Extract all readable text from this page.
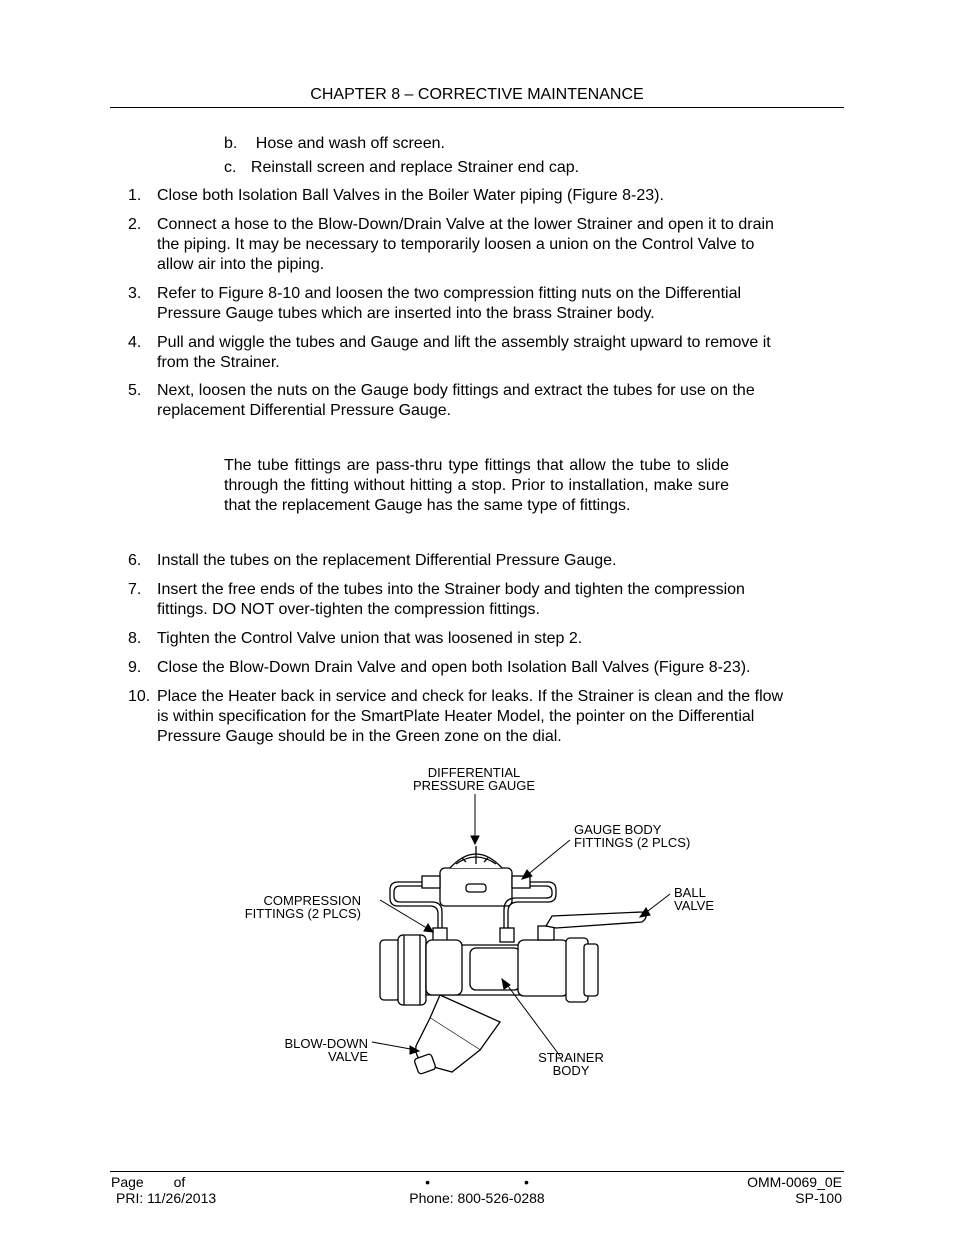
CHAPTER 8 – CORRECTIVE MAINTENANCE
b. Hose and wash off screen.
c. Reinstall screen and replace Strainer end cap.
1. Close both Isolation Ball Valves in the Boiler Water piping (Figure 8-23).
2. Connect a hose to the Blow-Down/Drain Valve at the lower Strainer and open it to drain
the piping. It may be necessary to temporarily loosen a union on the Control Valve to
allow air into the piping.
3. Refer to Figure 8-10 and loosen the two compression fitting nuts on the Differential
Pressure Gauge tubes which are inserted into the brass Strainer body.
4. Pull and wiggle the tubes and Gauge and lift the assembly straight upward to remove it
from the Strainer.
5. Next, loosen the nuts on the Gauge body fittings and extract the tubes for use on the
replacement Differential Pressure Gauge.
The tube fittings are pass-thru type fittings that allow the tube to slide through the fitting without hitting a stop. Prior to installation, make sure that the replacement Gauge has the same type of fittings.
6. Install the tubes on the replacement Differential Pressure Gauge.
7. Insert the free ends of the tubes into the Strainer body and tighten the compression
fittings. DO NOT over-tighten the compression fittings.
8. Tighten the Control Valve union that was loosened in step 2.
9. Close the Blow-Down Drain Valve and open both Isolation Ball Valves (Figure 8-23).
10. Place the Heater back in service and check for leaks. If the Strainer is clean and the flow
is within specification for the SmartPlate Heater Model, the pointer on the Differential
Pressure Gauge should be in the Green zone on the dial.
DIFFERENTIAL
PRESSURE GAUGE
GAUGE BODY
FITTINGS (2 PLCS)
COMPRESSION
FITTINGS (2 PLCS)
BALL
VALVE
BLOW-DOWN
VALVE	STRAINER
BODY
Page of
PRI: 11/26/2013
•	•
Phone: 800-526-0288
OMM-0069_0E
SP-100
